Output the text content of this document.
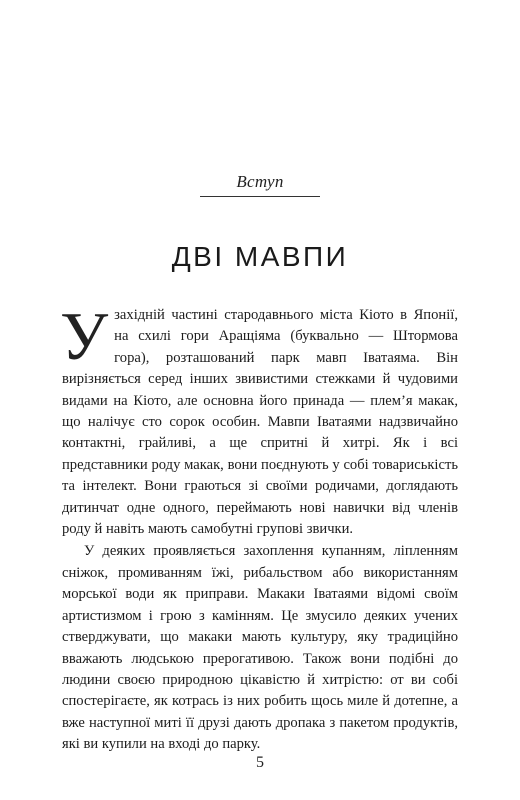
Вступ
ДВІ МАВПИ

Узахідній частині стародавнього міста Кіото в Японії, на схилі гори Аращіяма (буквально — Штормова гора), розташований парк мавп Іватаяма. Він вирізняється серед інших звивистими стежками й чудовими видами на Кіото, але основна його принада — плем’я макак, що налічує сто сорок особин. Мавпи Іватаями надзвичайно контактні, грайливі, а ще спритні й хитрі. Як і всі представники роду макак, вони поєднують у собі товариськість та інтелект. Вони граються зі своїми родичами, доглядають дитинчат одне одного, переймають нові навички від членів роду й навіть мають самобутні групові звички.

У деяких проявляється захоплення купанням, ліпленням сніжок, промиванням їжі, рибальством або використанням морської води як приправи. Макаки Іватаями відомі своїм артистизмом і грою з камінням. Це змусило деяких учених стверджувати, що макаки мають культуру, яку традиційно вважають людською прерогативою. Також вони подібні до людини своєю природною цікавістю й хитрістю: от ви собі спостерігаєте, як котрась із них робить щось миле й дотепне, а вже наступної миті її друзі дають дропака з пакетом продуктів, які ви купили на вході до парку.

5
